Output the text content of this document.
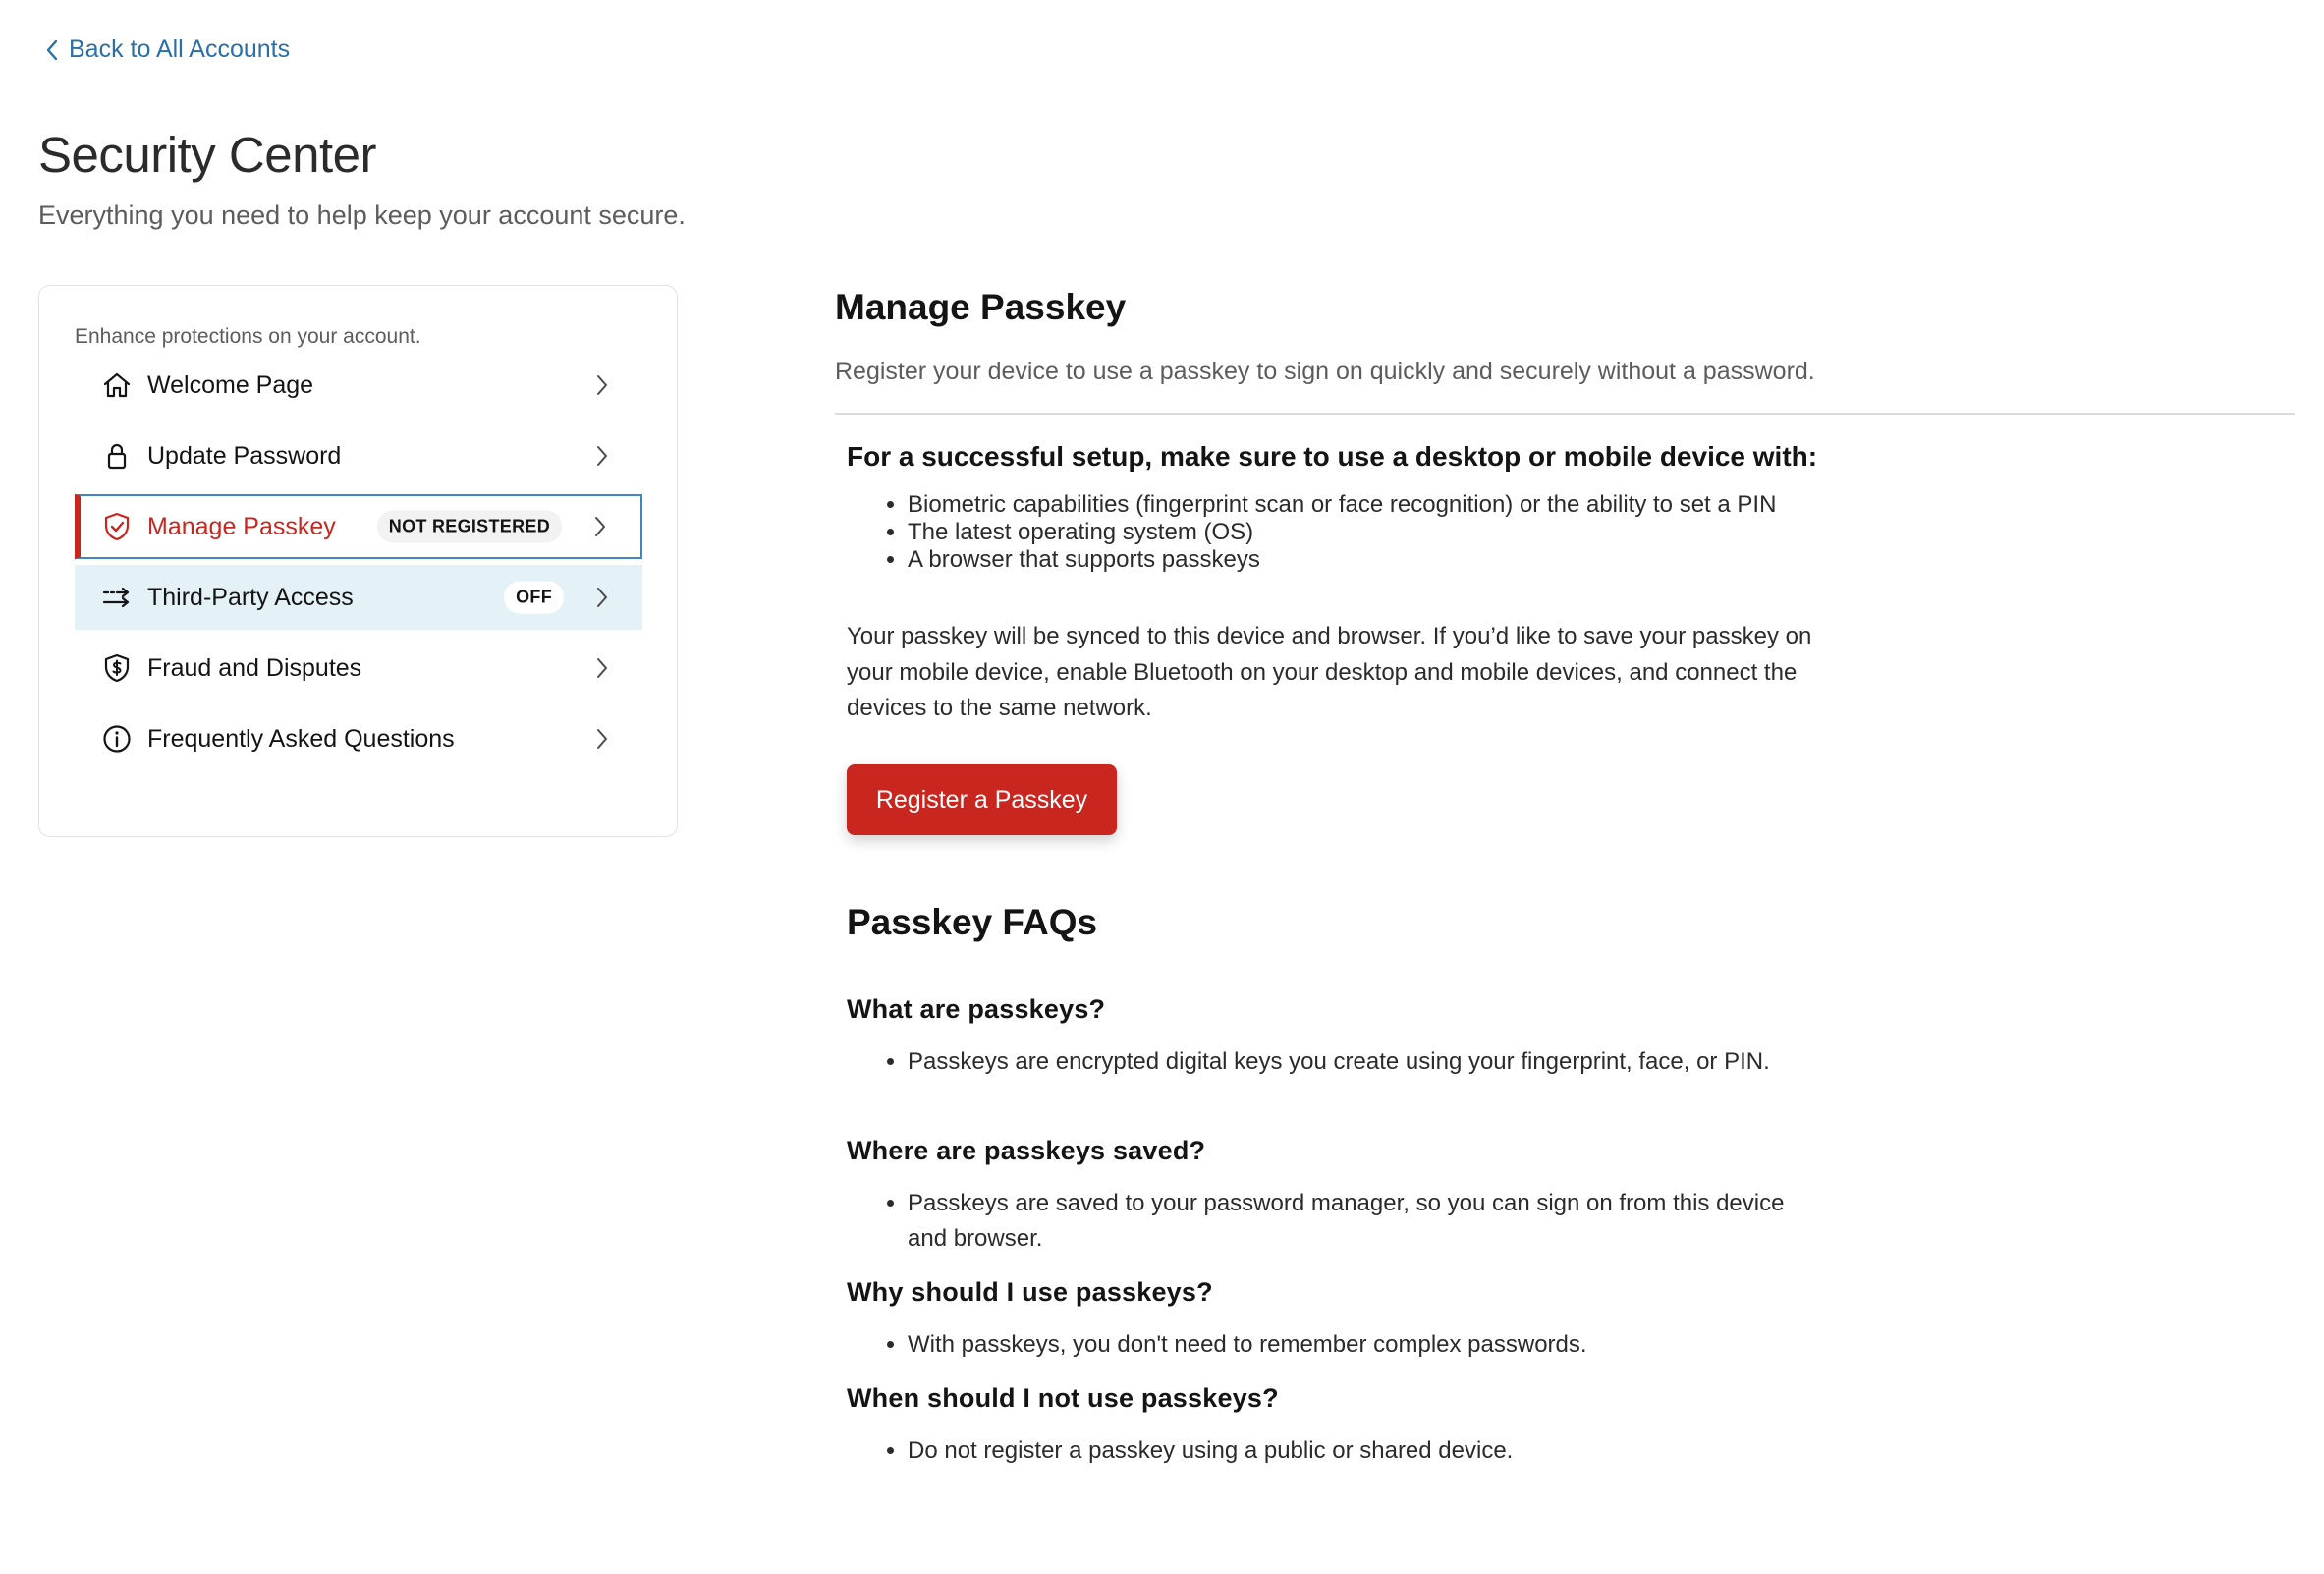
Back to All Accounts
Security Center

Everything you need to help keep your account secure.

Enhance protections on your account.
Welcome Page
Update Password
Manage Passkey	NOT REGISTERED
Third-Party Access	OFF
Fraud and Disputes
Frequently Asked Questions
Manage Passkey

Register your device to use a passkey to sign on quickly and securely without a password.

For a successful setup, make sure to use a desktop or mobile device with:
• Biometric capabilities (fingerprint scan or face recognition) or the ability to set a PIN
• The latest operating system (OS)
• A browser that supports passkeys

Your passkey will be synced to this device and browser. If you’d like to save your passkey on your mobile device, enable Bluetooth on your desktop and mobile devices, and connect the devices to the same network.

Register a Passkey
Passkey FAQs
What are passkeys?
• Passkeys are encrypted digital keys you create using your fingerprint, face, or PIN.
Where are passkeys saved?
• Passkeys are saved to your password manager, so you can sign on from this device and browser.
Why should I use passkeys?
• With passkeys, you don't need to remember complex passwords.
When should I not use passkeys?
• Do not register a passkey using a public or shared device.
